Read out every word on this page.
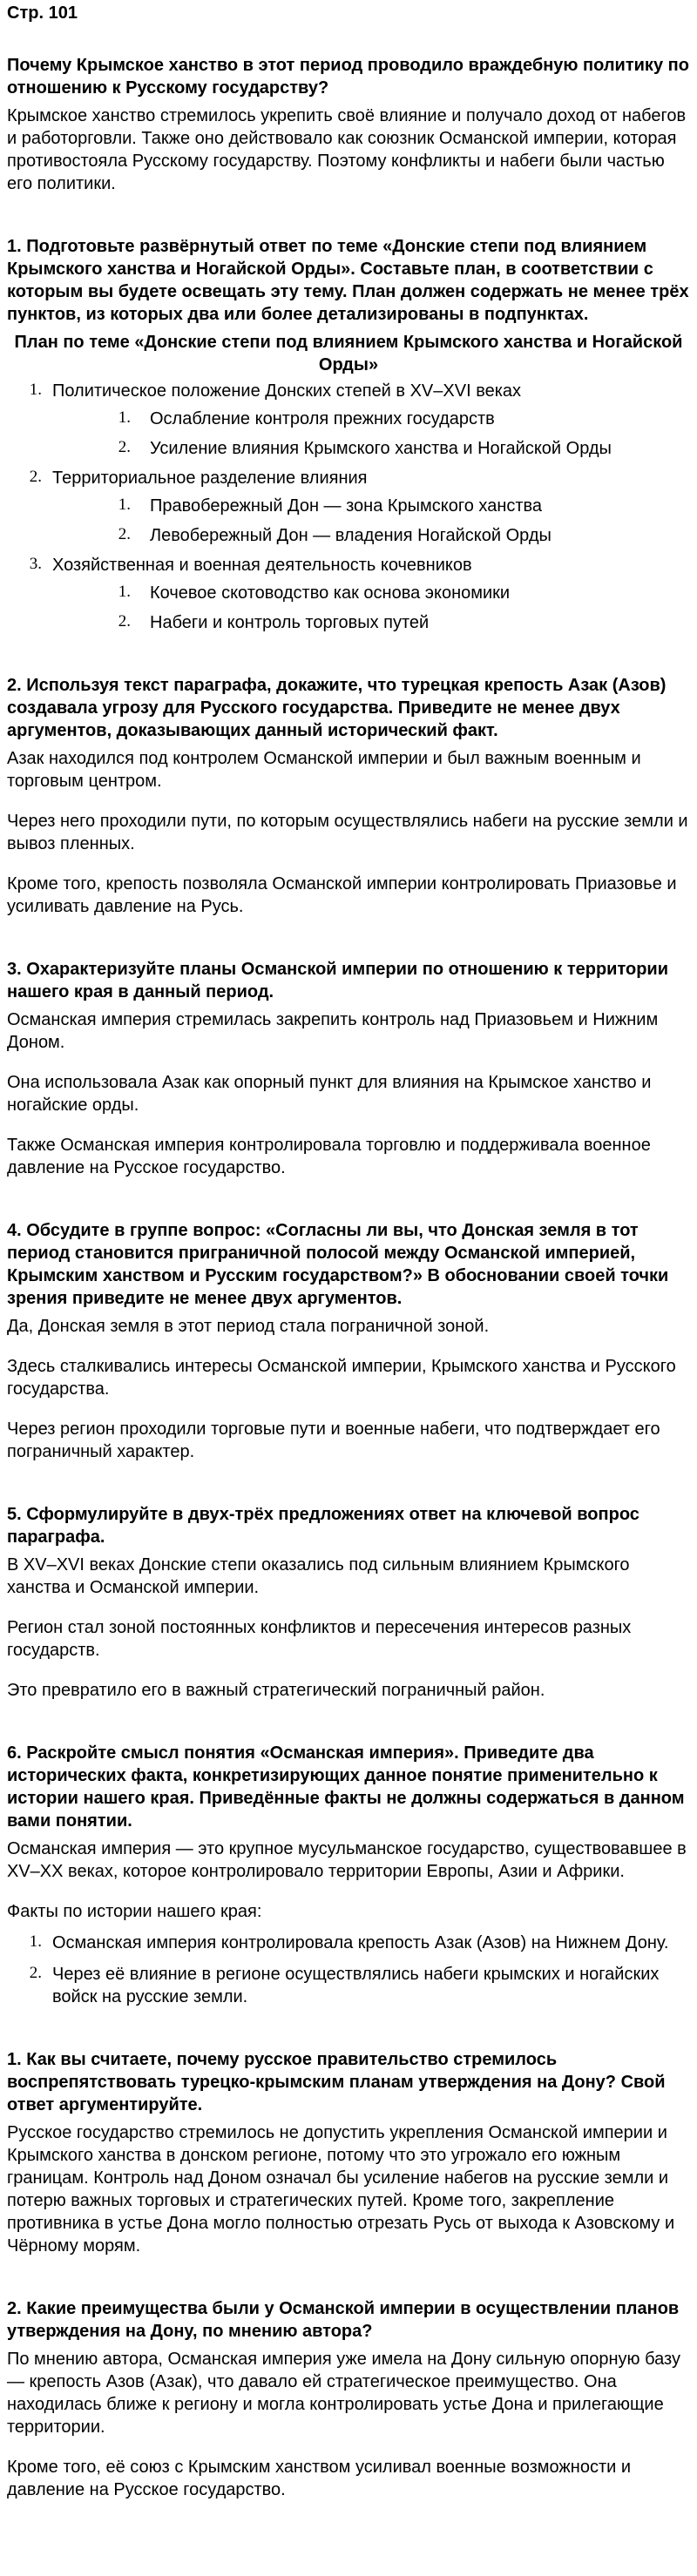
Стр. 101

Почему Крымское ханство в этот период проводило враждебную политику по отношению к Русскому государству?

Крымское ханство стремилось укрепить своё влияние и получало доход от набегов и работорговли. Также оно действовало как союзник Османской империи, которая противостояла Русскому государству. Поэтому конфликты и набеги были частью его политики.

1. Подготовьте развёрнутый ответ по теме «Донские степи под влиянием Крымского ханства и Ногайской Орды». Составьте план, в соответствии с которым вы будете освещать эту тему. План должен содержать не менее трёх пунктов, из которых два или более детализированы в подпунктах.

План по теме «Донские степи под влиянием Крымского ханства и Ногайской Орды»

1. Политическое положение Донских степей в XV–XVI веках
1. Ослабление контроля прежних государств
2. Усиление влияния Крымского ханства и Ногайской Орды
2. Территориальное разделение влияния
1. Правобережный Дон — зона Крымского ханства
2. Левобережный Дон — владения Ногайской Орды
3. Хозяйственная и военная деятельность кочевников
1. Кочевое скотоводство как основа экономики
2. Набеги и контроль торговых путей

2. Используя текст параграфа, докажите, что турецкая крепость Азак (Азов) создавала угрозу для Русского государства. Приведите не менее двух аргументов, доказывающих данный исторический факт.

Азак находился под контролем Османской империи и был важным военным и торговым центром.

Через него проходили пути, по которым осуществлялись набеги на русские земли и вывоз пленных.

Кроме того, крепость позволяла Османской империи контролировать Приазовье и усиливать давление на Русь.

3. Охарактеризуйте планы Османской империи по отношению к территории нашего края в данный период.

Османская империя стремилась закрепить контроль над Приазовьем и Нижним Доном.

Она использовала Азак как опорный пункт для влияния на Крымское ханство и ногайские орды.

Также Османская империя контролировала торговлю и поддерживала военное давление на Русское государство.

4. Обсудите в группе вопрос: «Согласны ли вы, что Донская земля в тот период становится приграничной полосой между Османской империей, Крымским ханством и Русским государством?» В обосновании своей точки зрения приведите не менее двух аргументов.

Да, Донская земля в этот период стала пограничной зоной.

Здесь сталкивались интересы Османской империи, Крымского ханства и Русского государства.

Через регион проходили торговые пути и военные набеги, что подтверждает его пограничный характер.

5. Сформулируйте в двух-трёх предложениях ответ на ключевой вопрос параграфа.

В XV–XVI веках Донские степи оказались под сильным влиянием Крымского ханства и Османской империи.

Регион стал зоной постоянных конфликтов и пересечения интересов разных государств.

Это превратило его в важный стратегический пограничный район.

6. Раскройте смысл понятия «Османская империя». Приведите два исторических факта, конкретизирующих данное понятие применительно к истории нашего края. Приведённые факты не должны содержаться в данном вами понятии.

Османская империя — это крупное мусульманское государство, существовавшее в XV–XX веках, которое контролировало территории Европы, Азии и Африки.

Факты по истории нашего края:

1. Османская империя контролировала крепость Азак (Азов) на Нижнем Дону.
2. Через её влияние в регионе осуществлялись набеги крымских и ногайских войск на русские земли.

1. Как вы считаете, почему русское правительство стремилось воспрепятствовать турецко-крымским планам утверждения на Дону? Свой ответ аргументируйте.

Русское государство стремилось не допустить укрепления Османской империи и Крымского ханства в донском регионе, потому что это угрожало его южным границам. Контроль над Доном означал бы усиление набегов на русские земли и потерю важных торговых и стратегических путей. Кроме того, закрепление противника в устье Дона могло полностью отрезать Русь от выхода к Азовскому и Чёрному морям.

2. Какие преимущества были у Османской империи в осуществлении планов утверждения на Дону, по мнению автора?

По мнению автора, Османская империя уже имела на Дону сильную опорную базу — крепость Азов (Азак), что давало ей стратегическое преимущество. Она находилась ближе к региону и могла контролировать устье Дона и прилегающие территории.

Кроме того, её союз с Крымским ханством усиливал военные возможности и давление на Русское государство.
